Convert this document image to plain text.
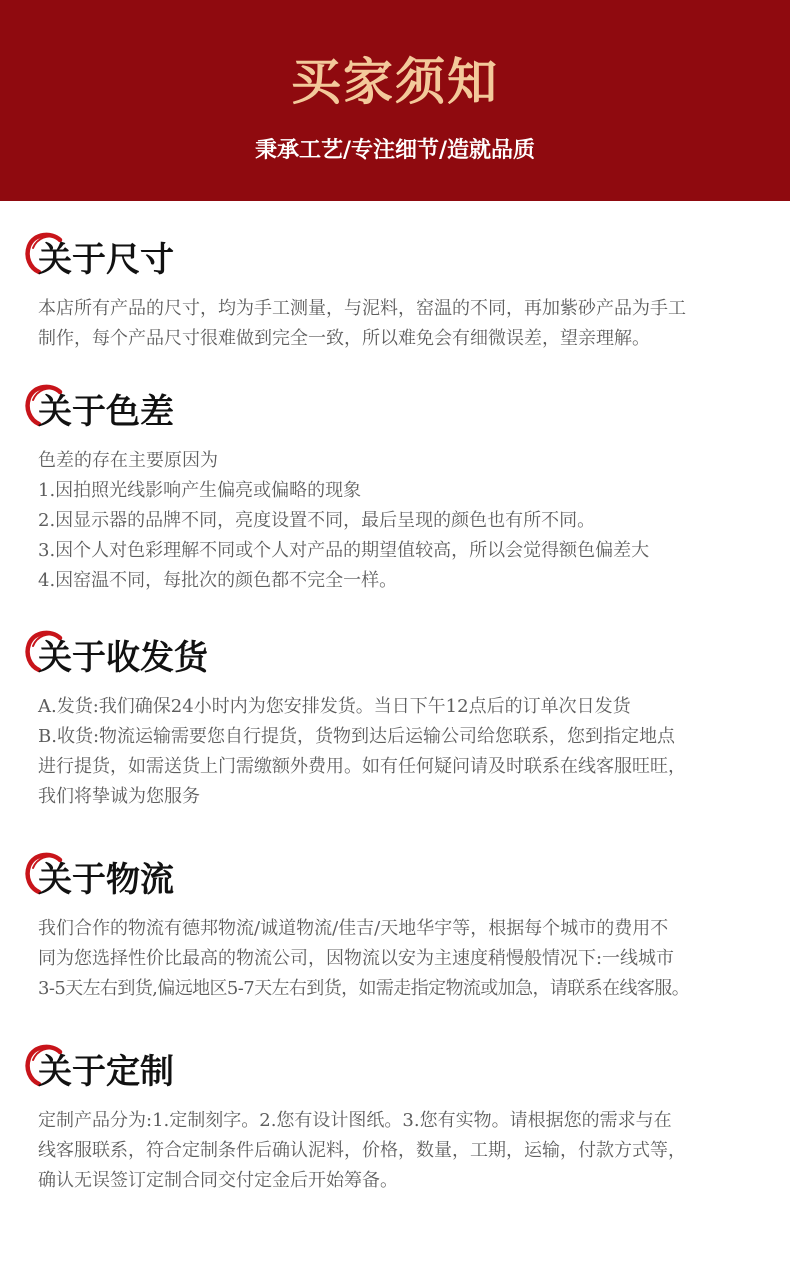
买家须知
秉承工艺/专注细节/造就品质
关于尺寸

本店所有产品的尺寸，均为手工测量，与泥料，窑温的不同，再加紫砂产品为手工

制作，每个产品尺寸很难做到完全一致，所以难免会有细微误差，望亲理解。

关于色差

色差的存在主要原因为

1.因拍照光线影响产生偏亮或偏略的现象

2.因显示器的品牌不同，亮度设置不同，最后呈现的颜色也有所不同。

3.因个人对色彩理解不同或个人对产品的期望值较高，所以会觉得额色偏差大

4.因窑温不同，每批次的颜色都不完全一样。

关于收发货

A.发货:我们确保24小时内为您安排发货。当日下午12点后的订单次日发货

B.收货:物流运输需要您自行提货，货物到达后运输公司给您联系，您到指定地点

进行提货，如需送货上门需缴额外费用。如有任何疑问请及时联系在线客服旺旺，

我们将挚诚为您服务

关于物流

我们合作的物流有德邦物流/诚道物流/佳吉/天地华宇等，根据每个城市的费用不

同为您选择性价比最高的物流公司，因物流以安为主速度稍慢般情况下:一线城市

3-5天左右到货,偏远地区5-7天左右到货，如需走指定物流或加急，请联系在线客服。

关于定制

定制产品分为:1.定制刻字。2.您有设计图纸。3.您有实物。请根据您的需求与在

线客服联系，符合定制条件后确认泥料，价格，数量，工期，运输，付款方式等，

确认无误签订定制合同交付定金后开始筹备。
